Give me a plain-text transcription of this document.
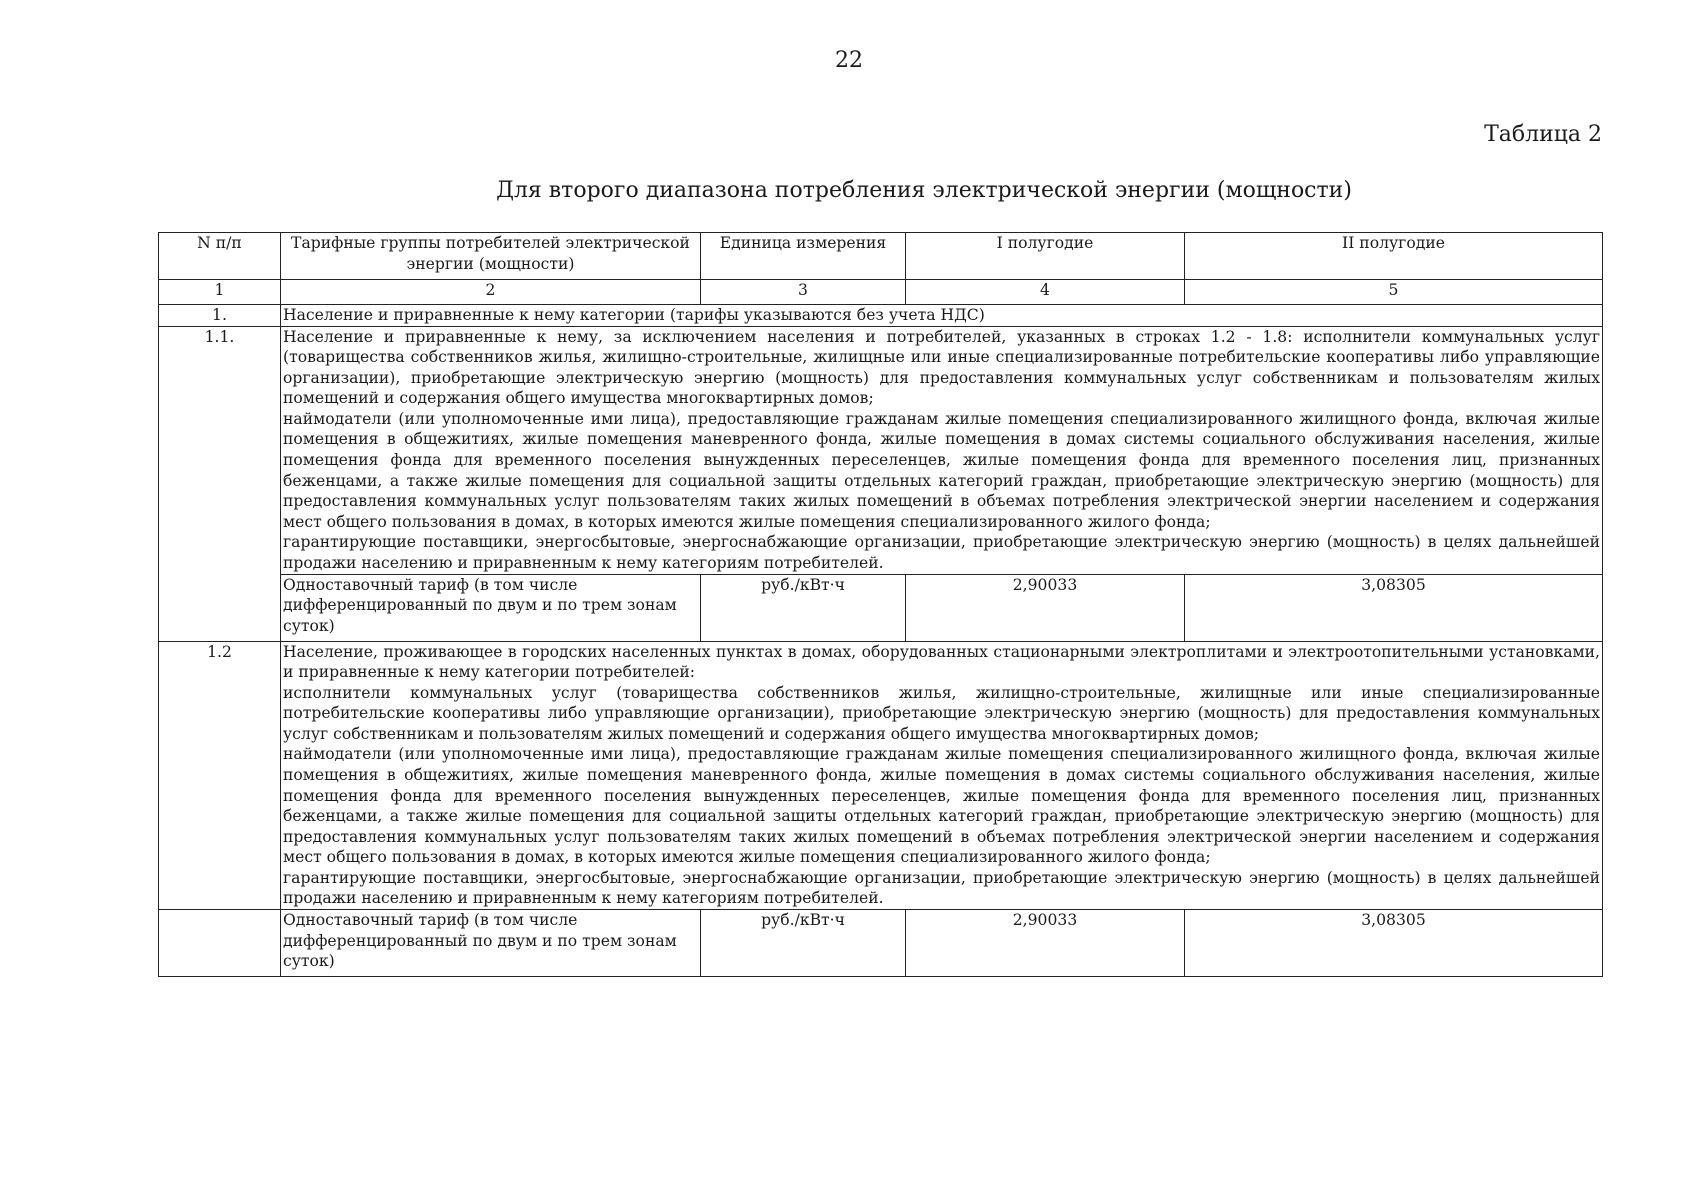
22
Таблица 2
Для второго диапазона потребления электрической энергии (мощности)
N п/п	Тарифные группы потребителей электрической энергии (мощности)	Единица измерения	I полугодие	II полугодие
1	2	3	4	5
1.	Население и приравненные к нему категории (тарифы указываются без учета НДС)			
1.1.	Население и приравненные к нему, за исключением населения и потребителей, указанных в строках 1.2 - 1.8: исполнители коммунальных услуг (товарищества собственников жилья, жилищно-строительные, жилищные или иные специализированные потребительские кооперативы либо управляющие организации), приобретающие электрическую энергию (мощность) для предоставления коммунальных услуг собственникам и пользователям жилых помещений и содержания общего имущества многоквартирных домов;

наймодатели (или уполномоченные ими лица), предоставляющие гражданам жилые помещения специализированного жилищного фонда, включая жилые помещения в общежитиях, жилые помещения маневренного фонда, жилые помещения в домах системы социального обслуживания населения, жилые помещения фонда для временного поселения вынужденных переселенцев, жилые помещения фонда для временного поселения лиц, признанных беженцами, а также жилые помещения для социальной защиты отдельных категорий граждан, приобретающие электрическую энергию (мощность) для предоставления коммунальных услуг пользователям таких жилых помещений в объемах потребления электрической энергии населением и содержания мест общего пользования в домах, в которых имеются жилые помещения специализированного жилого фонда;

гарантирующие поставщики, энергосбытовые, энергоснабжающие организации, приобретающие электрическую энергию (мощность) в целях дальнейшей продажи населению и приравненным к нему категориям потребителей.			

	Одноставочный тариф (в том числе дифференцированный по двум и по трем зонам суток)	руб./кВт·ч	2,90033	3,08305
1.2	Население, проживающее в городских населенных пунктах в домах, оборудованных стационарными электроплитами и электроотопительными установками, и приравненные к нему категории потребителей:

исполнители коммунальных услуг (товарищества собственников жилья, жилищно-строительные, жилищные или иные специализированные потребительские кооперативы либо управляющие организации), приобретающие электрическую энергию (мощность) для предоставления коммунальных услуг собственникам и пользователям жилых помещений и содержания общего имущества многоквартирных домов;

наймодатели (или уполномоченные ими лица), предоставляющие гражданам жилые помещения специализированного жилищного фонда, включая жилые помещения в общежитиях, жилые помещения маневренного фонда, жилые помещения в домах системы социального обслуживания населения, жилые помещения фонда для временного поселения вынужденных переселенцев, жилые помещения фонда для временного поселения лиц, признанных беженцами, а также жилые помещения для социальной защиты отдельных категорий граждан, приобретающие электрическую энергию (мощность) для предоставления коммунальных услуг пользователям таких жилых помещений в объемах потребления электрической энергии населением и содержания мест общего пользования в домах, в которых имеются жилые помещения специализированного жилого фонда;

гарантирующие поставщики, энергосбытовые, энергоснабжающие организации, приобретающие электрическую энергию (мощность) в целях дальнейшей продажи населению и приравненным к нему категориям потребителей.			

	Одноставочный тариф (в том числе дифференцированный по двум и по трем зонам суток)	руб./кВт·ч	2,90033	3,08305
